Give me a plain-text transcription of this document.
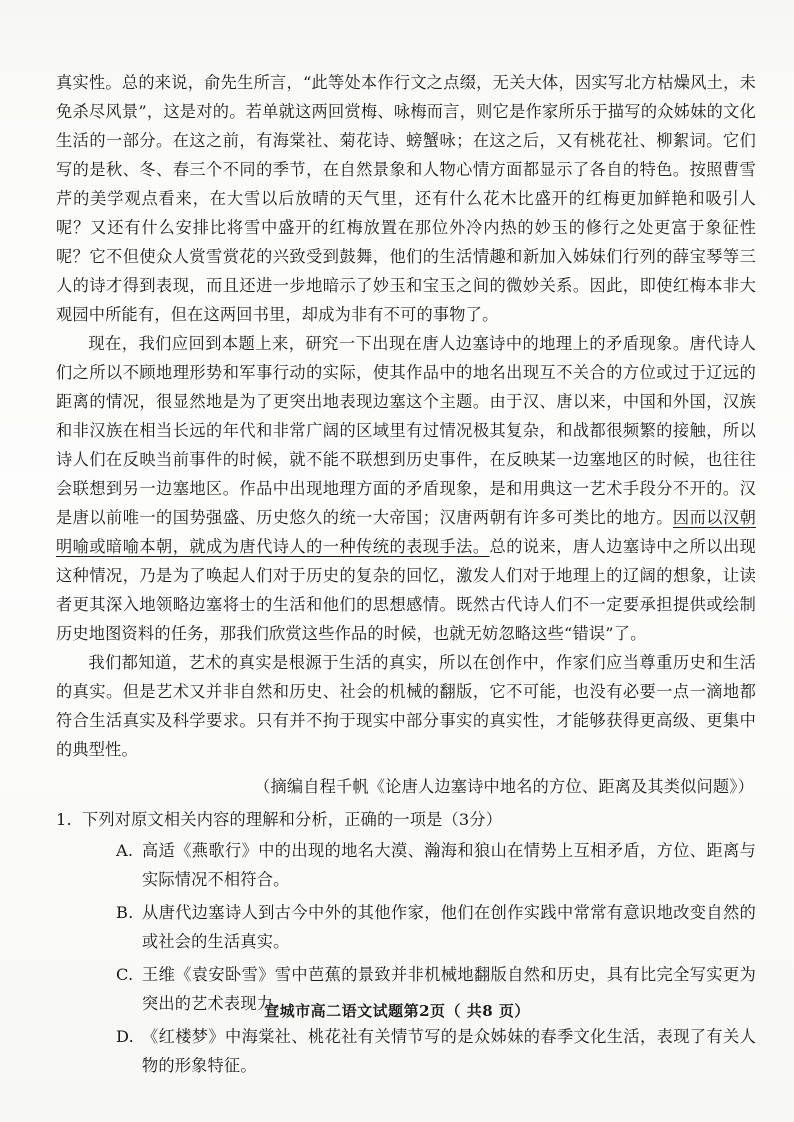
真实性。总的来说，俞先生所言，“此等处本作行文之点缀，无关大体，因实写北方枯燥风土，未免杀尽风景”，这是对的。若单就这两回赏梅、咏梅而言，则它是作家所乐于描写的众姊妹的文化生活的一部分。在这之前，有海棠社、菊花诗、螃蟹咏；在这之后，又有桃花社、柳絮词。它们写的是秋、冬、春三个不同的季节，在自然景象和人物心情方面都显示了各自的特色。按照曹雪芹的美学观点看来，在大雪以后放晴的天气里，还有什么花木比盛开的红梅更加鲜艳和吸引人呢？又还有什么安排比将雪中盛开的红梅放置在那位外冷内热的妙玉的修行之处更富于象征性呢？它不但使众人赏雪赏花的兴致受到鼓舞，他们的生活情趣和新加入姊妹们行列的薛宝琴等三人的诗才得到表现，而且还进一步地暗示了妙玉和宝玉之间的微妙关系。因此，即使红梅本非大观园中所能有，但在这两回书里，却成为非有不可的事物了。

现在，我们应回到本题上来，研究一下出现在唐人边塞诗中的地理上的矛盾现象。唐代诗人们之所以不顾地理形势和军事行动的实际，使其作品中的地名出现互不关合的方位或过于辽远的距离的情况，很显然地是为了更突出地表现边塞这个主题。由于汉、唐以来，中国和外国，汉族和非汉族在相当长远的年代和非常广阔的区域里有过情况极其复杂，和战都很频繁的接触，所以诗人们在反映当前事件的时候，就不能不联想到历史事件，在反映某一边塞地区的时候，也往往会联想到另一边塞地区。作品中出现地理方面的矛盾现象，是和用典这一艺术手段分不开的。汉是唐以前唯一的国势强盛、历史悠久的统一大帝国；汉唐两朝有许多可类比的地方。因而以汉朝明喻或暗喻本朝，就成为唐代诗人的一种传统的表现手法。总的说来，唐人边塞诗中之所以出现这种情况，乃是为了唤起人们对于历史的复杂的回忆，激发人们对于地理上的辽阔的想象，让读者更其深入地领略边塞将士的生活和他们的思想感情。既然古代诗人们不一定要承担提供或绘制历史地图资料的任务，那我们欣赏这些作品的时候，也就无妨忽略这些“错误”了。

我们都知道，艺术的真实是根源于生活的真实，所以在创作中，作家们应当尊重历史和生活的真实。但是艺术又并非自然和历史、社会的机械的翻版，它不可能，也没有必要一点一滴地都符合生活真实及科学要求。只有并不拘于现实中部分事实的真实性，才能够获得更高级、更集中的典型性。

（摘编自程千帆《论唐人边塞诗中地名的方位、距离及其类似问题》）

1. 下列对原文相关内容的理解和分析，正确的一项是（3分）
A. 高适《燕歌行》中的出现的地名大漠、瀚海和狼山在情势上互相矛盾，方位、距离与实际情况不相符合。
B. 从唐代边塞诗人到古今中外的其他作家，他们在创作实践中常常有意识地改变自然的或社会的生活真实。
C. 王维《袁安卧雪》雪中芭蕉的景致并非机械地翻版自然和历史，具有比完全写实更为突出的艺术表现力。
D. 《红楼梦》中海棠社、桃花社有关情节写的是众姊妹的春季文化生活，表现了有关人物的形象特征。
宣城市高二语文试题第2页（ 共8 页）
